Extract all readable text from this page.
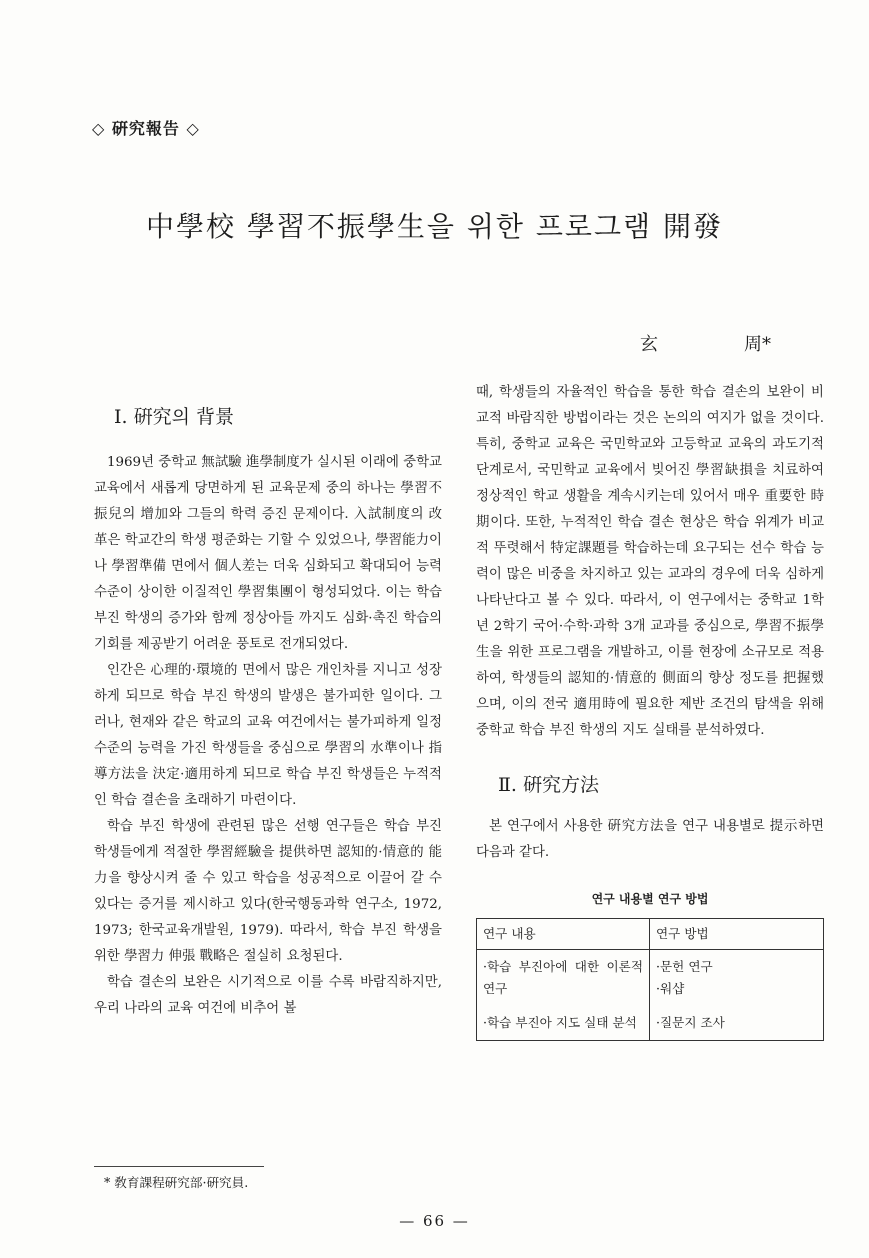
◇ 硏究報告 ◇
中學校 學習不振學生을 위한 프로그램 開發
玄	周*
Ⅰ. 硏究의 背景

1969년 중학교 無試驗 進學制度가 실시된 이래에 중학교 교육에서 새롭게 당면하게 된 교육문제 중의 하나는 學習不振兒의 增加와 그들의 학력 증진 문제이다. 入試制度의 改革은 학교간의 학생 평준화는 기할 수 있었으나, 學習能力이나 學習準備 면에서 個人差는 더욱 심화되고 확대되어 능력 수준이 상이한 이질적인 學習集團이 형성되었다. 이는 학습 부진 학생의 증가와 함께 정상아들 까지도 심화·촉진 학습의 기회를 제공받기 어려운 풍토로 전개되었다.

인간은 心理的·環境的 면에서 많은 개인차를 지니고 성장하게 되므로 학습 부진 학생의 발생은 불가피한 일이다. 그러나, 현재와 같은 학교의 교육 여건에서는 불가피하게 일정 수준의 능력을 가진 학생들을 중심으로 學習의 水準이나 指導方法을 決定·適用하게 되므로 학습 부진 학생들은 누적적인 학습 결손을 초래하기 마련이다.

학습 부진 학생에 관련된 많은 선행 연구들은 학습 부진 학생들에게 적절한 學習經驗을 提供하면 認知的·情意的 能力을 향상시켜 줄 수 있고 학습을 성공적으로 이끌어 갈 수 있다는 증거를 제시하고 있다(한국행동과학 연구소, 1972, 1973; 한국교육개발원, 1979). 따라서, 학습 부진 학생을 위한 學習力 伸張 戰略은 절실히 요청된다.

학습 결손의 보완은 시기적으로 이를 수록 바람직하지만, 우리 나라의 교육 여건에 비추어 볼

때, 학생들의 자율적인 학습을 통한 학습 결손의 보완이 비교적 바람직한 방법이라는 것은 논의의 여지가 없을 것이다. 특히, 중학교 교육은 국민학교와 고등학교 교육의 과도기적 단계로서, 국민학교 교육에서 빚어진 學習缺損을 치료하여 정상적인 학교 생활을 계속시키는데 있어서 매우 重要한 時期이다. 또한, 누적적인 학습 결손 현상은 학습 위계가 비교적 뚜렷해서 特定課題를 학습하는데 요구되는 선수 학습 능력이 많은 비중을 차지하고 있는 교과의 경우에 더욱 심하게 나타난다고 볼 수 있다. 따라서, 이 연구에서는 중학교 1학년 2학기 국어·수학·과학 3개 교과를 중심으로, 學習不振學生을 위한 프로그램을 개발하고, 이를 현장에 소규모로 적용하여, 학생들의 認知的·情意的 側面의 향상 정도를 把握했으며, 이의 전국 適用時에 필요한 제반 조건의 탐색을 위해 중학교 학습 부진 학생의 지도 실태를 분석하였다.

Ⅱ. 硏究方法

본 연구에서 사용한 硏究方法을 연구 내용별로 提示하면 다음과 같다.

연구 내용별 연구 방법
연구 내용	연구 방법
·학습 부진아에 대한 이론적 연구	·문헌 연구
·워샵
·학습 부진아 지도 실태 분석	·질문지 조사
* 敎育課程硏究部·硏究員.
— 66 —
